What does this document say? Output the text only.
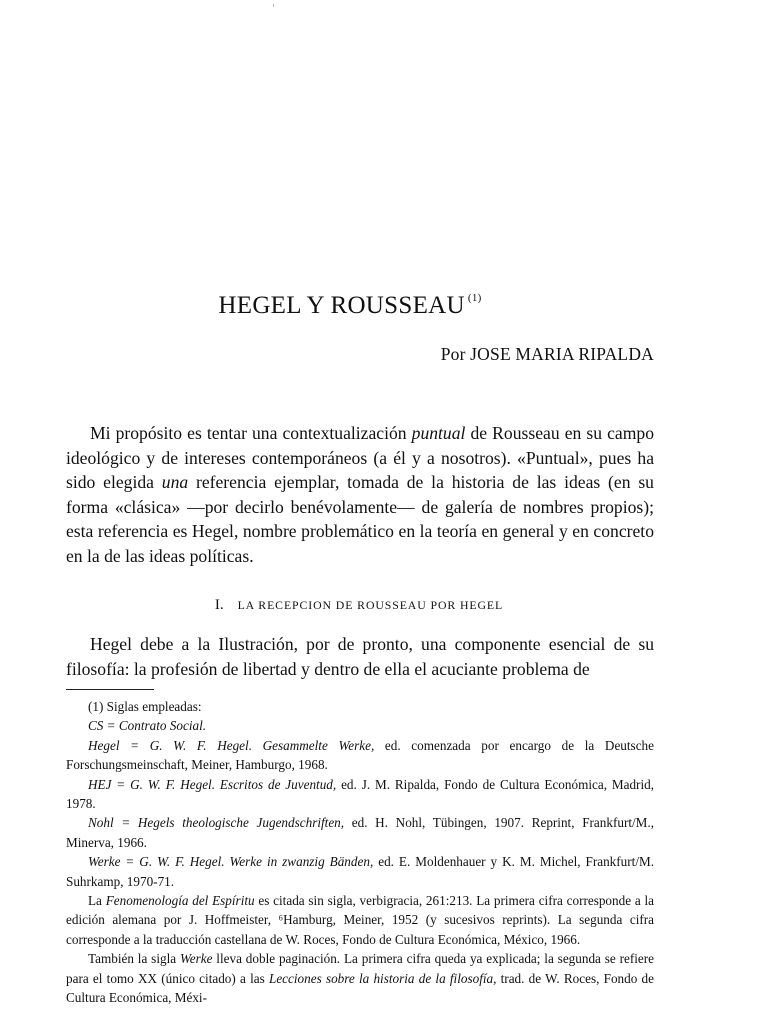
HEGEL Y ROUSSEAU $^{(1)}$
Por JOSE MARIA RIPALDA

Mi propósito es tentar una contextualización puntual de Rousseau en su campo ideológico y de intereses contemporáneos (a él y a nosotros). «Puntual», pues ha sido elegida una referencia ejemplar, tomada de la historia de las ideas (en su forma «clásica» —por decirlo benévolamente— de galería de nombres propios); esta referencia es Hegel, nombre problemático en la teoría en general y en concreto en la de las ideas políticas.

I. LA RECEPCION DE ROUSSEAU POR HEGEL

Hegel debe a la Ilustración, por de pronto, una componente esencial de su filosofía: la profesión de libertad y dentro de ella el acuciante problema de

(1) Siglas empleadas:

CS = Contrato Social.

Hegel = G. W. F. Hegel. Gesammelte Werke, ed. comenzada por encargo de la Deutsche Forschungsmeinschaft, Meiner, Hamburgo, 1968.

HEJ = G. W. F. Hegel. Escritos de Juventud, ed. J. M. Ripalda, Fondo de Cultura Económica, Madrid, 1978.

Nohl = Hegels theologische Jugendschriften, ed. H. Nohl, Tübingen, 1907. Reprint, Frankfurt/M., Minerva, 1966.

Werke = G. W. F. Hegel. Werke in zwanzig Bänden, ed. E. Moldenhauer y K. M. Michel, Frankfurt/M. Suhrkamp, 1970-71.

La Fenomenología del Espíritu es citada sin sigla, verbigracia, 261:213. La primera cifra corresponde a la edición alemana por J. Hoffmeister, ⁶Hamburg, Meiner, 1952 (y sucesivos reprints). La segunda cifra corresponde a la traducción castellana de W. Roces, Fondo de Cultura Económica, México, 1966.

También la sigla Werke lleva doble paginación. La primera cifra queda ya explicada; la segunda se refiere para el tomo XX (único citado) a las Lecciones sobre la historia de la filosofía, trad. de W. Roces, Fondo de Cultura Económica, Méxi-
